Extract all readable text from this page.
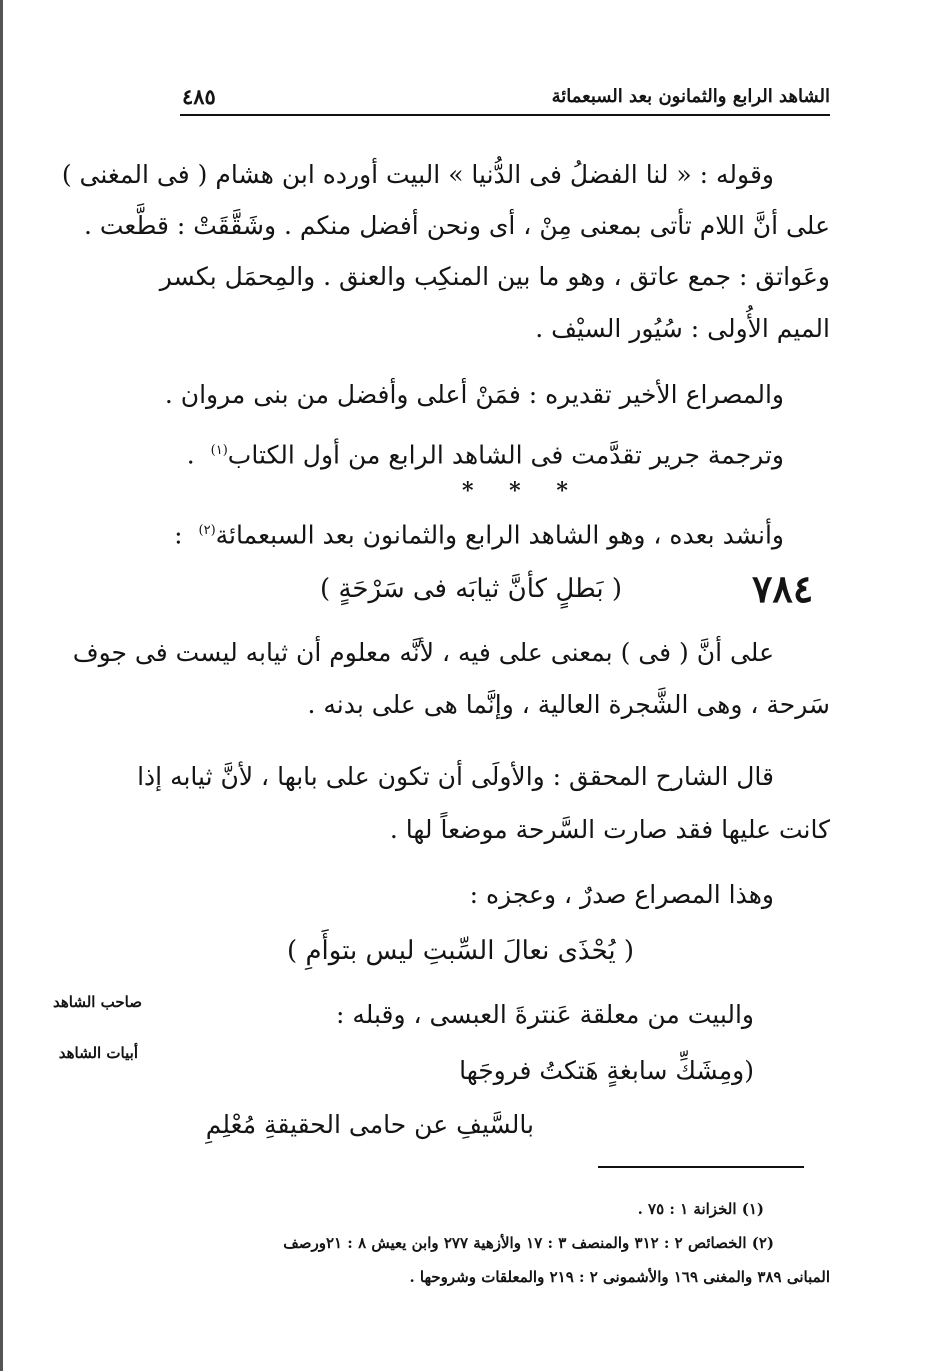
الشاهد الرابع والثمانون بعد السبعمائة
٤٨٥
وقوله : « لنا الفضلُ فى الدُّنيا » البيت أورده ابن هشام ( فى المغنى )
على أنَّ اللام تأتى بمعنى مِنْ ، أى ونحن أفضل منكم . وشَقَّقَتْ : قطَّعت .
وعَواتق : جمع عاتق ، وهو ما بين المنكِب والعنق . والمِحمَل بكسر
الميم الأُولى : سُيُور السيْف .
والمصراع الأخير تقديره : فمَنْ أعلى وأفضل من بنى مروان .
وترجمة جرير تقدَّمت فى الشاهد الرابع من أول الكتاب$^{(١)}$  .
* * *
وأنشد بعده ، وهو الشاهد الرابع والثمانون بعد السبعمائة$^{(٢)}$  :
٧٨٤
( بَطلٍ كأنَّ ثيابَه فى سَرْحَةٍ )
على أنَّ ( فى ) بمعنى على فيه ، لأنَّه معلوم أن ثيابه ليست فى جوف
سَرحة ، وهى الشَّجرة العالية ، وإنَّما هى على بدنه .
قال الشارح المحقق : والأولَى أن تكون على بابها ، لأنَّ ثيابه إذا
كانت عليها فقد صارت السَّرحة موضعاً لها .
وهذا المصراع صدرٌ ، وعجزه :
( يُحْذَى نعالَ السِّبتِ ليس بتوأَمِ )
صاحب الشاهد	والبيت من معلقة عَنترةَ العبسى ، وقبله :
أبيات الشاهد
(ومِشَكِّ سابغةٍ هَتكتُ فروجَها
بالسَّيفِ عن حامى الحقيقةِ مُعْلِمِ
(١) الخزانة ١ : ٧٥ .
(٢) الخصائص ٢ : ٣١٢ والمنصف ٣ : ١٧ والأزهية ٢٧٧ وابن يعيش ٨ : ٢١ورصف
المبانى ٣٨٩ والمغنى ١٦٩ والأشمونى ٢ : ٢١٩ والمعلقات وشروحها .
